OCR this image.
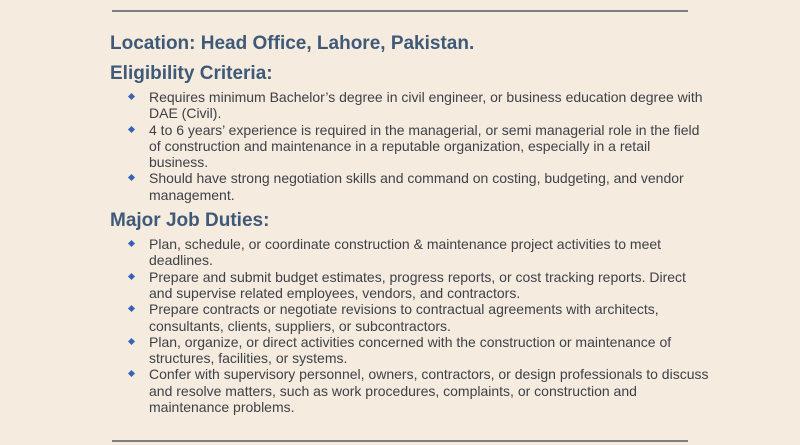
Location: Head Office, Lahore, Pakistan.
Eligibility Criteria:
Requires minimum Bachelor’s degree in civil engineer, or business education degree with DAE (Civil).
4 to 6 years’ experience is required in the managerial, or semi managerial role in the field of construction and maintenance in a reputable organization, especially in a retail business.
Should have strong negotiation skills and command on costing, budgeting, and vendor management.
Major Job Duties:
Plan, schedule, or coordinate construction & maintenance project activities to meet deadlines.
Prepare and submit budget estimates, progress reports, or cost tracking reports. Direct and supervise related employees, vendors, and contractors.
Prepare contracts or negotiate revisions to contractual agreements with architects, consultants, clients, suppliers, or subcontractors.
Plan, organize, or direct activities concerned with the construction or maintenance of structures, facilities, or systems.
Confer with supervisory personnel, owners, contractors, or design professionals to discuss and resolve matters, such as work procedures, complaints, or construction and maintenance problems.
